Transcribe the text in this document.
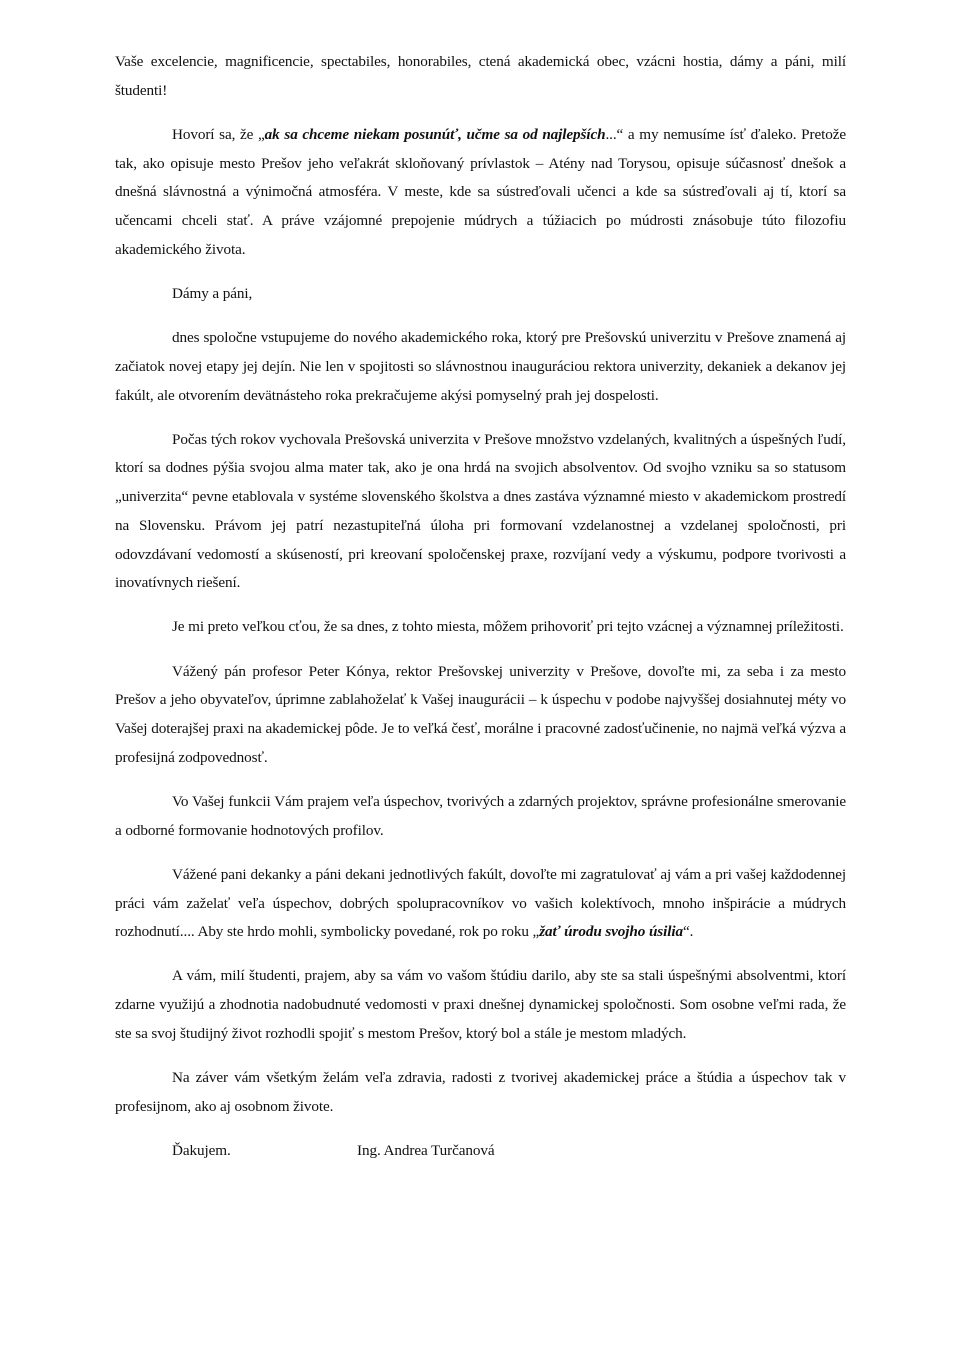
Vaše excelencie, magnificencie, spectabiles, honorabiles, ctená akademická obec, vzácni hostia, dámy a páni, milí študenti!

Hovorí sa, že „ak sa chceme niekam posunúť, učme sa od najlepších...“ a my nemusíme ísť ďaleko. Pretože tak, ako opisuje mesto Prešov jeho veľakrát skloňovaný prívlastok – Atény nad Torysou, opisuje súčasnosť dnešok a dnešná slávnostná a výnimočná atmosféra. V meste, kde sa sústreďovali učenci a kde sa sústreďovali aj tí, ktorí sa učencami chceli stať. A práve vzájomné prepojenie múdrych a túžiacich po múdrosti znásobuje túto filozofiu akademického života.

Dámy a páni,

dnes spoločne vstupujeme do nového akademického roka, ktorý pre Prešovskú univerzitu v Prešove znamená aj začiatok novej etapy jej dejín. Nie len v spojitosti so slávnostnou inauguráciou rektora univerzity, dekaniek a dekanov jej fakúlt, ale otvorením devätnásteho roka prekračujeme akýsi pomyselný prah jej dospelosti.

Počas tých rokov vychovala Prešovská univerzita v Prešove množstvo vzdelaných, kvalitných a úspešných ľudí, ktorí sa dodnes pýšia svojou alma mater tak, ako je ona hrdá na svojich absolventov. Od svojho vzniku sa so statusom „univerzita“ pevne etablovala v systéme slovenského školstva a dnes zastáva významné miesto v akademickom prostredí na Slovensku. Právom jej patrí nezastupiteľná úloha pri formovaní vzdelanostnej a vzdelanej spoločnosti, pri odovzdávaní vedomostí a skúseností, pri kreovaní spoločenskej praxe, rozvíjaní vedy a výskumu, podpore tvorivosti a inovatívnych riešení.

Je mi preto veľkou cťou, že sa dnes, z tohto miesta, môžem prihovoriť pri tejto vzácnej a významnej príležitosti.

Vážený pán profesor Peter Kónya, rektor Prešovskej univerzity v Prešove, dovoľte mi, za seba i za mesto Prešov a jeho obyvateľov, úprimne zablahoželať k Vašej inaugurácii – k úspechu v podobe najvyššej dosiahnutej méty vo Vašej doterajšej praxi na akademickej pôde. Je to veľká česť, morálne i pracovné zadosťučinenie, no najmä veľká výzva a profesijná zodpovednosť.

Vo Vašej funkcii Vám prajem veľa úspechov, tvorivých a zdarných projektov, správne profesionálne smerovanie a odborné formovanie hodnotových profilov.

Vážené pani dekanky a páni dekani jednotlivých fakúlt, dovoľte mi zagratulovať aj vám a pri vašej každodennej práci vám zaželať veľa úspechov, dobrých spolupracovníkov vo vašich kolektívoch, mnoho inšpirácie a múdrych rozhodnutí.... Aby ste hrdo mohli, symbolicky povedané, rok po roku „žať úrodu svojho úsilia“.

A vám, milí študenti, prajem, aby sa vám vo vašom štúdiu darilo, aby ste sa stali úspešnými absolventmi, ktorí zdarne využijú a zhodnotia nadobudnuté vedomosti v praxi dnešnej dynamickej spoločnosti. Som osobne veľmi rada, že ste sa svoj študijný život rozhodli spojiť s mestom Prešov, ktorý bol a stále je mestom mladých.

Na záver vám všetkým želám veľa zdravia, radosti z tvorivej akademickej práce a štúdia a úspechov tak v profesijnom, ako aj osobnom živote.

Ďakujem.	Ing. Andrea Turčanová
